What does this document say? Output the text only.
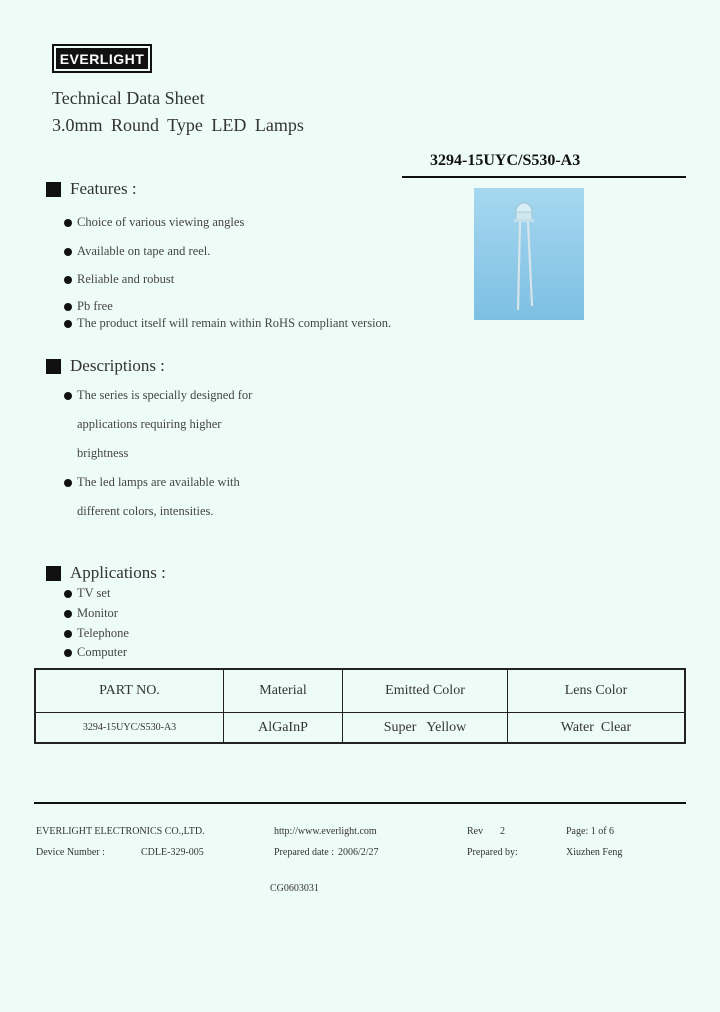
EVERLIGHT
Technical Data Sheet
3.0mm Round Type LED Lamps
3294-15UYC/S530-A3
Features :
Choice of various viewing angles
Available on tape and reel.
Reliable and robust
Pb free
The product itself will remain within RoHS compliant version.
Descriptions :
The series is specially designed for
applications requiring higher
brightness
The led lamps are available with
different colors, intensities.
Applications :
TV set
Monitor
Telephone
Computer
PART NO.	Material	Emitted Color	Lens Color
3294-15UYC/S530-A3	AlGaInP	Super   Yellow	Water  Clear
EVERLIGHT ELECTRONICS CO.,LTD.	http://www.everlight.com	Rev 2	Page: 1 of 6
Device Number :	CDLE-329-005	Prepared date : 2006/2/27	Prepared by:	Xiuzhen Feng
CG0603031
